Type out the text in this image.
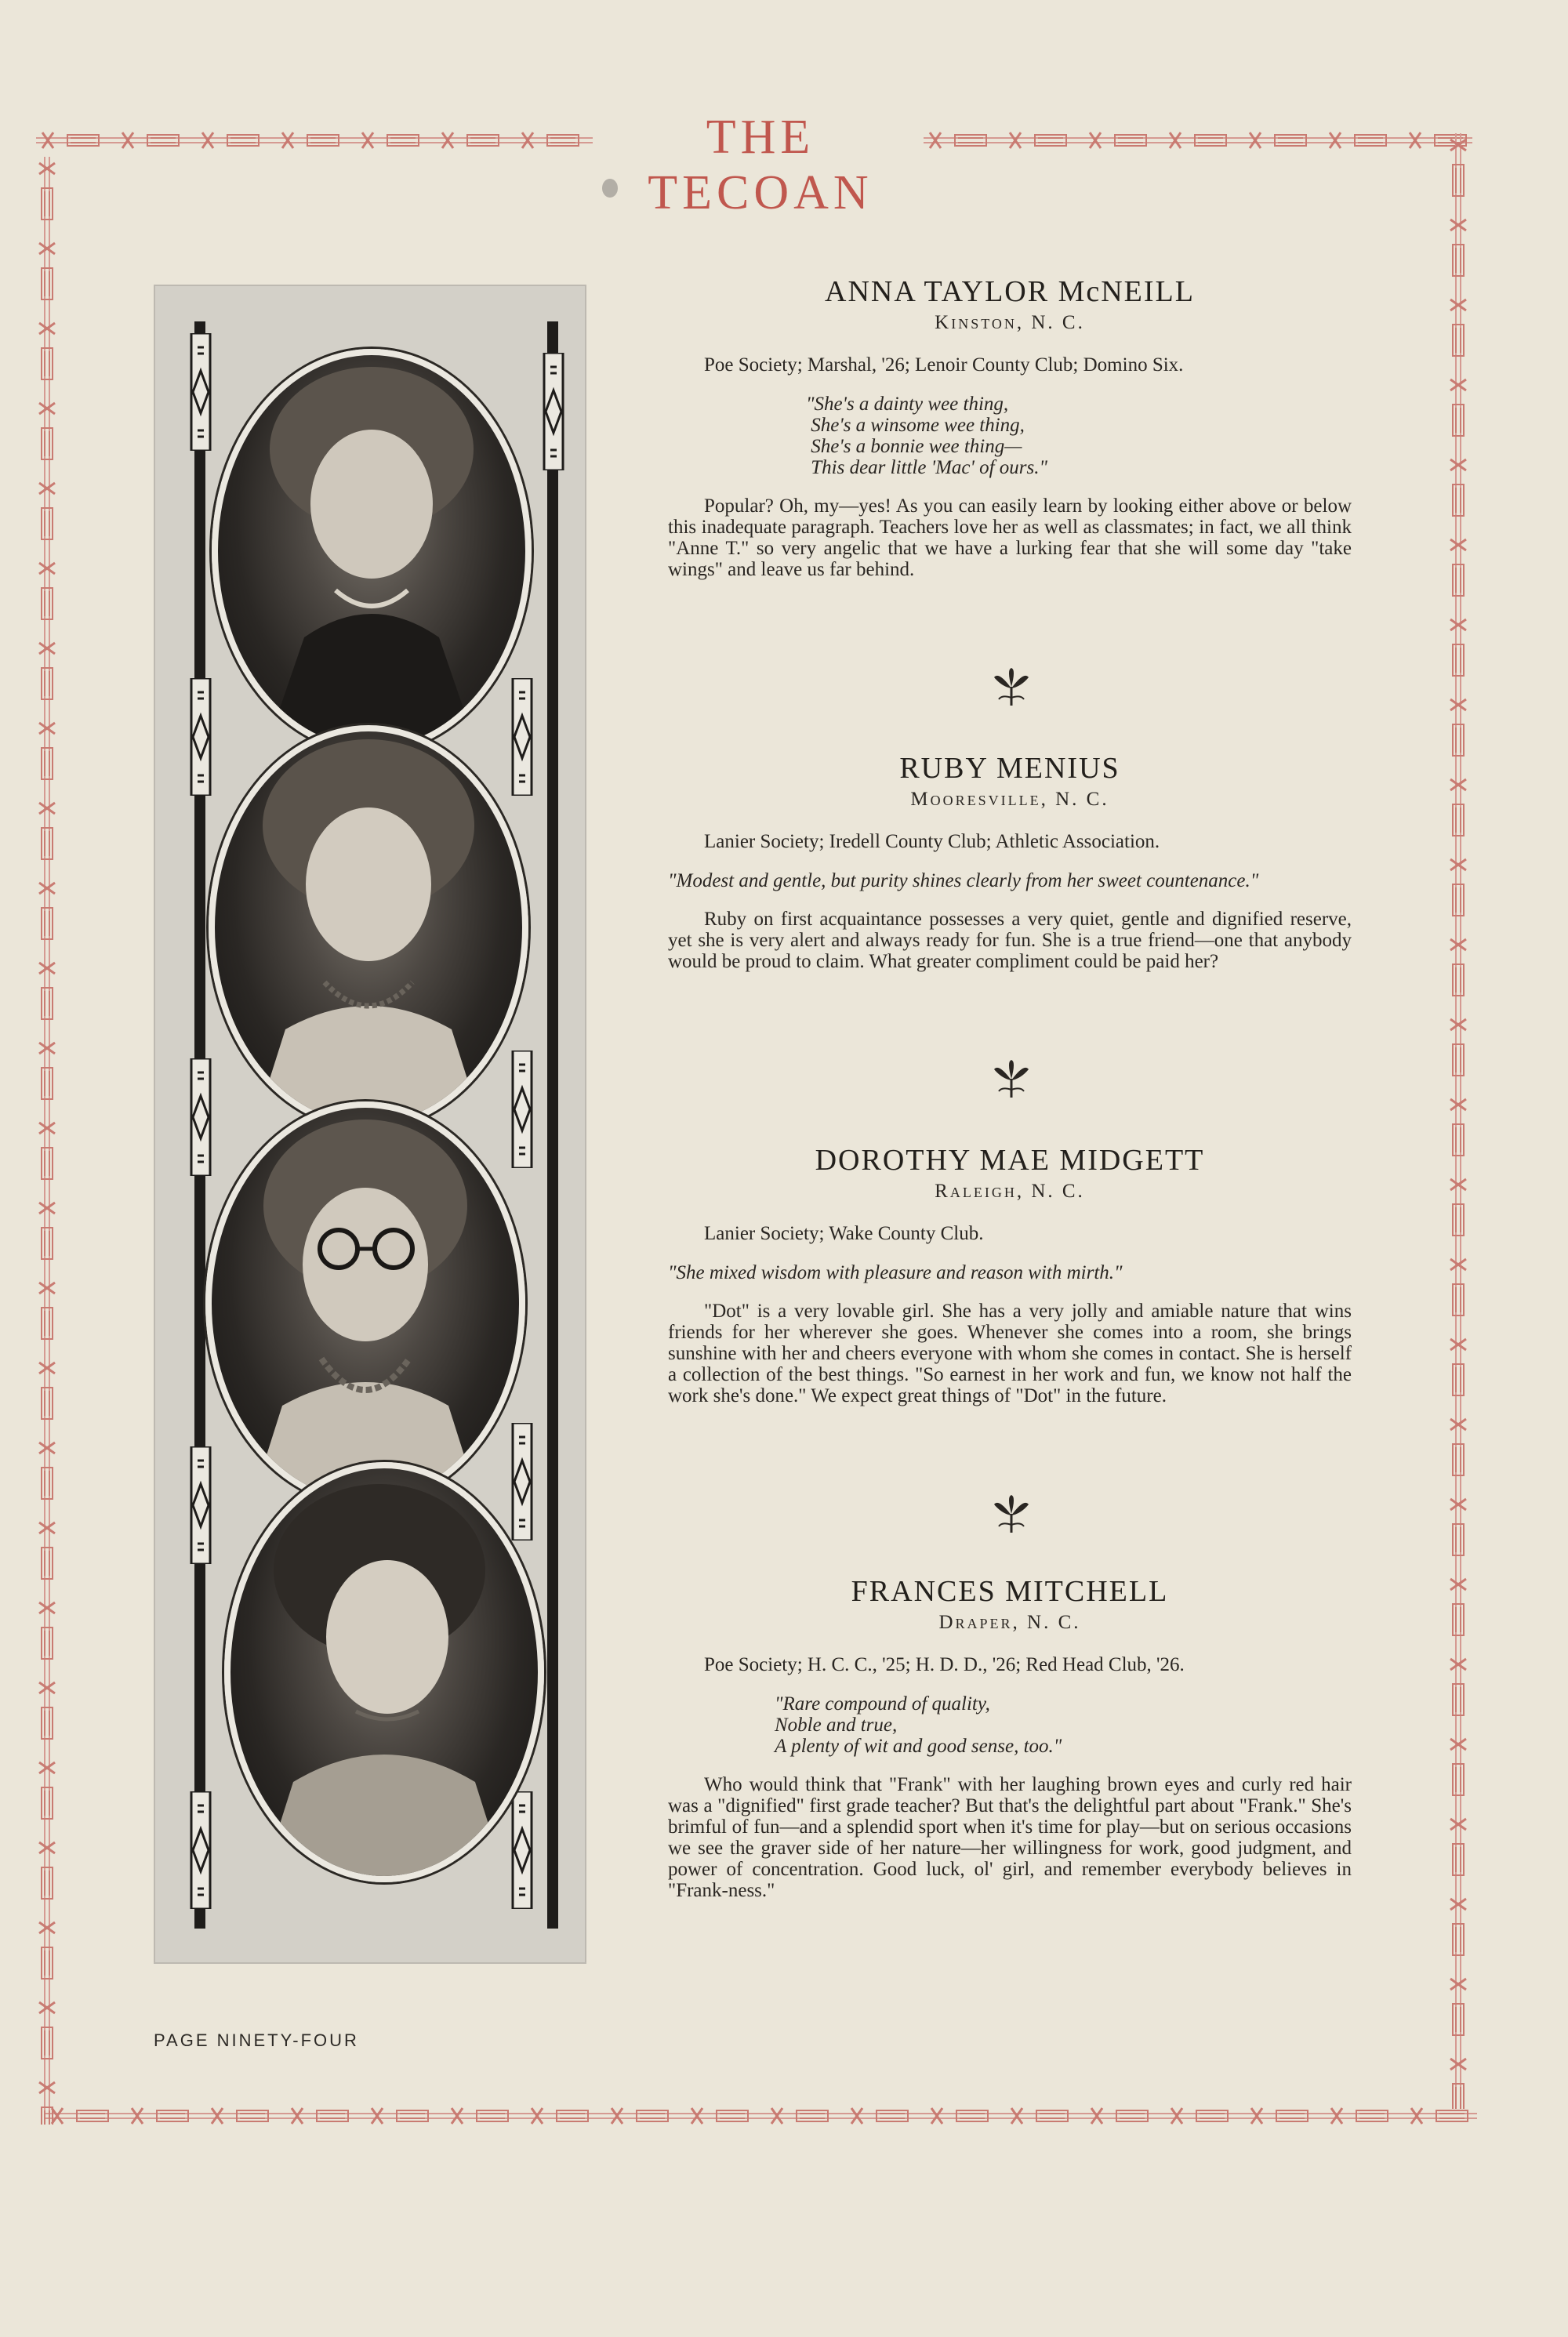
THE TECOAN
ANNA TAYLOR McNEILL
Kinston, N. C.

Poe Society; Marshal, '26; Lenoir County Club; Domino Six.

"She's a dainty wee thing,
She's a winsome wee thing,
She's a bonnie wee thing—
This dear little 'Mac' of ours."

Popular? Oh, my—yes! As you can easily learn by looking either above or below this inadequate paragraph. Teachers love her as well as classmates; in fact, we all think "Anne T." so very angelic that we have a lurking fear that she will some day "take wings" and leave us far behind.

RUBY MENIUS
Mooresville, N. C.

Lanier Society; Iredell County Club; Athletic Association.

"Modest and gentle, but purity shines clearly from her sweet countenance."

Ruby on first acquaintance possesses a very quiet, gentle and dignified reserve, yet she is very alert and always ready for fun. She is a true friend—one that anybody would be proud to claim. What greater compliment could be paid her?

DOROTHY MAE MIDGETT
Raleigh, N. C.

Lanier Society; Wake County Club.

"She mixed wisdom with pleasure and reason with mirth."

"Dot" is a very lovable girl. She has a very jolly and amiable nature that wins friends for her wherever she goes. Whenever she comes into a room, she brings sunshine with her and cheers everyone with whom she comes in contact. She is herself a collection of the best things. "So earnest in her work and fun, we know not half the work she's done." We expect great things of "Dot" in the future.

FRANCES MITCHELL
Draper, N. C.

Poe Society; H. C. C., '25; H. D. D., '26; Red Head Club, '26.

"Rare compound of quality,
Noble and true,
A plenty of wit and good sense, too."

Who would think that "Frank" with her laughing brown eyes and curly red hair was a "dignified" first grade teacher? But that's the delightful part about "Frank." She's brimful of fun—and a splendid sport when it's time for play—but on serious occasions we see the graver side of her nature—her willingness for work, good judgment, and power of concentration. Good luck, ol' girl, and remember everybody believes in "Frank-ness."

PAGE NINETY-FOUR
